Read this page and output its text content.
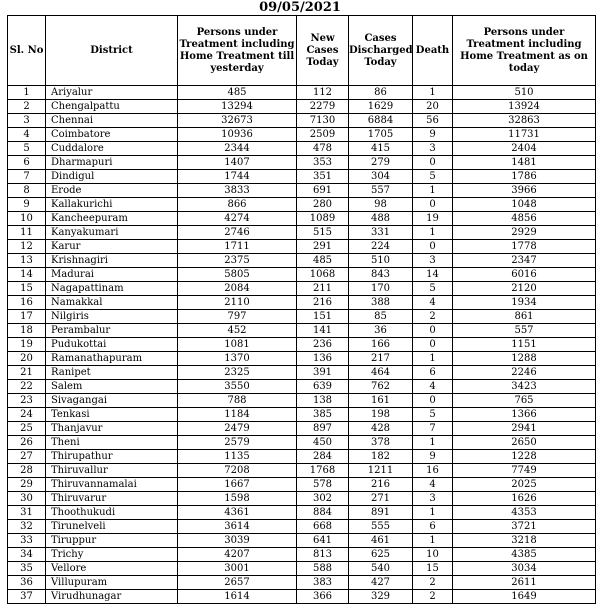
09/05/2021
Sl. No	District	Persons under Treatment including Home Treatment till yesterday	New Cases Today	Cases Discharged Today	Death	Persons under Treatment including Home Treatment as on today
1	Ariyalur	485	112	86	1	510
2	Chengalpattu	13294	2279	1629	20	13924
3	Chennai	32673	7130	6884	56	32863
4	Coimbatore	10936	2509	1705	9	11731
5	Cuddalore	2344	478	415	3	2404
6	Dharmapuri	1407	353	279	0	1481
7	Dindigul	1744	351	304	5	1786
8	Erode	3833	691	557	1	3966
9	Kallakurichi	866	280	98	0	1048
10	Kancheepuram	4274	1089	488	19	4856
11	Kanyakumari	2746	515	331	1	2929
12	Karur	1711	291	224	0	1778
13	Krishnagiri	2375	485	510	3	2347
14	Madurai	5805	1068	843	14	6016
15	Nagapattinam	2084	211	170	5	2120
16	Namakkal	2110	216	388	4	1934
17	Nilgiris	797	151	85	2	861
18	Perambalur	452	141	36	0	557
19	Pudukottai	1081	236	166	0	1151
20	Ramanathapuram	1370	136	217	1	1288
21	Ranipet	2325	391	464	6	2246
22	Salem	3550	639	762	4	3423
23	Sivagangai	788	138	161	0	765
24	Tenkasi	1184	385	198	5	1366
25	Thanjavur	2479	897	428	7	2941
26	Theni	2579	450	378	1	2650
27	Thirupathur	1135	284	182	9	1228
28	Thiruvallur	7208	1768	1211	16	7749
29	Thiruvannamalai	1667	578	216	4	2025
30	Thiruvarur	1598	302	271	3	1626
31	Thoothukudi	4361	884	891	1	4353
32	Tirunelveli	3614	668	555	6	3721
33	Tiruppur	3039	641	461	1	3218
34	Trichy	4207	813	625	10	4385
35	Vellore	3001	588	540	15	3034
36	Villupuram	2657	383	427	2	2611
37	Virudhunagar	1614	366	329	2	1649
